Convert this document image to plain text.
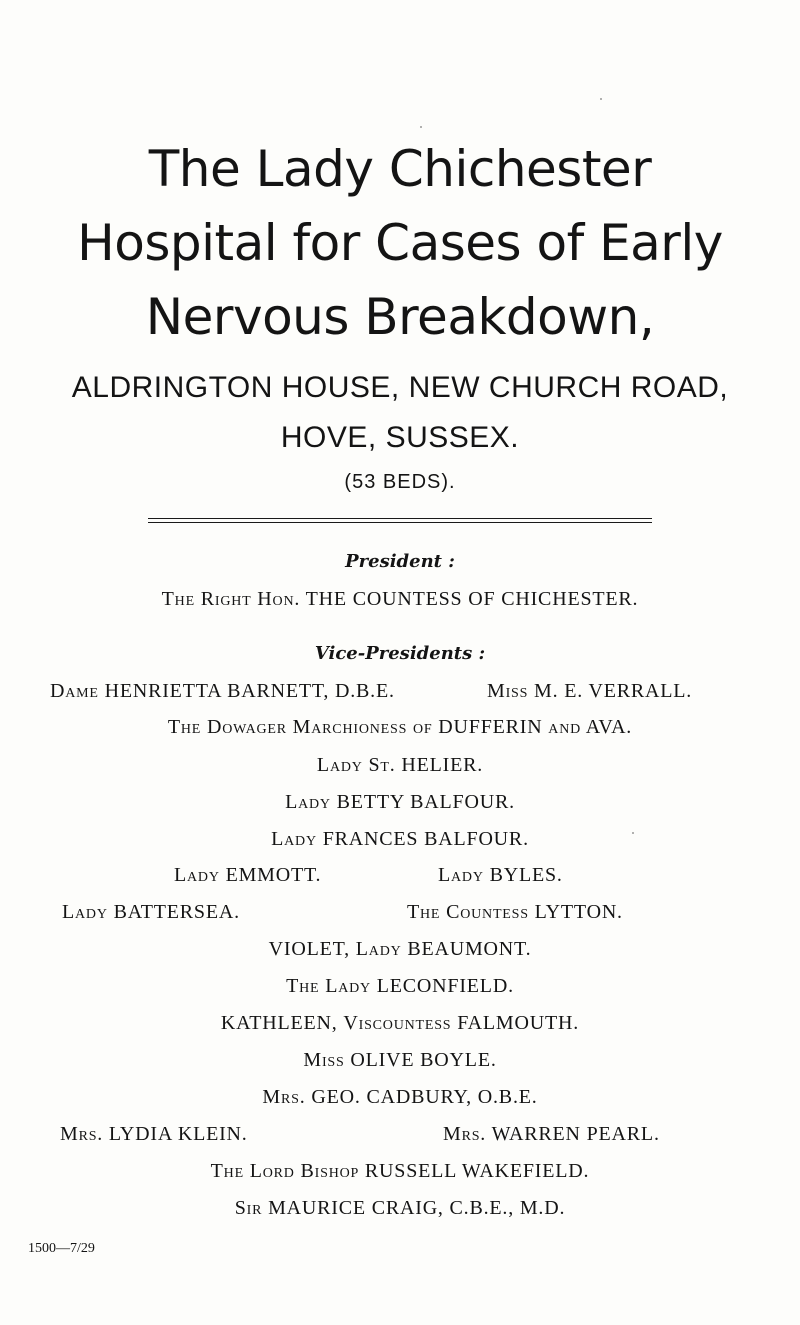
The Lady Chichester
Hospital for Cases of Early
Nervous Breakdown,
ALDRINGTON HOUSE, NEW CHURCH ROAD,
HOVE, SUSSEX.
(53 BEDS).
President :
The Right Hon. THE COUNTESS OF CHICHESTER.
Vice-Presidents :
Dame HENRIETTA BARNETT, D.B.E.	Miss M. E. VERRALL.
The Dowager Marchioness of DUFFERIN and AVA.
Lady St. HELIER.
Lady BETTY BALFOUR.
Lady FRANCES BALFOUR.
Lady EMMOTT.	Lady BYLES.
Lady BATTERSEA.	The Countess LYTTON.
VIOLET, Lady BEAUMONT.
The Lady LECONFIELD.
KATHLEEN, Viscountess FALMOUTH.
Miss OLIVE BOYLE.
Mrs. GEO. CADBURY, O.B.E.
Mrs. LYDIA KLEIN.	Mrs. WARREN PEARL.
The Lord Bishop RUSSELL WAKEFIELD.
Sir MAURICE CRAIG, C.B.E., M.D.
1500—7/29
